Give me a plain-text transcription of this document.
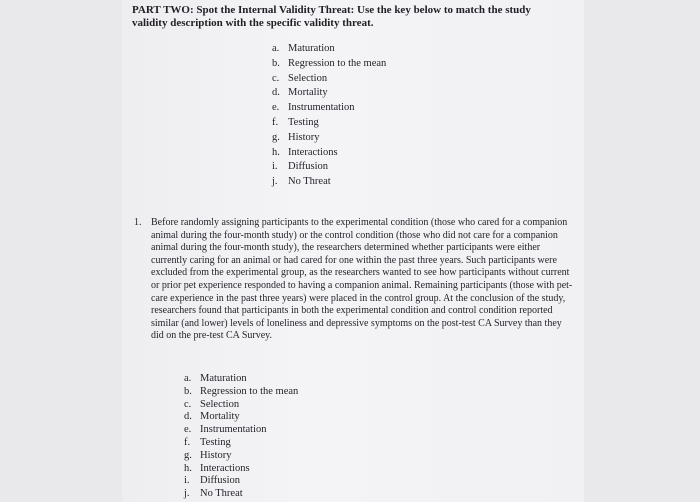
PART TWO: Spot the Internal Validity Threat: Use the key below to match the study validity description with the specific validity threat.
a. Maturation
b. Regression to the mean
c. Selection
d. Mortality
e. Instrumentation
f. Testing
g. History
h. Interactions
i. Diffusion
j. No Threat
1. Before randomly assigning participants to the experimental condition (those who cared for a companion animal during the four-month study) or the control condition (those who did not care for a companion animal during the four-month study), the researchers determined whether participants were either currently caring for an animal or had cared for one within the past three years. Such participants were excluded from the experimental group, as the researchers wanted to see how participants without current or prior pet experience responded to having a companion animal. Remaining participants (those with pet-care experience in the past three years) were placed in the control group. At the conclusion of the study, researchers found that participants in both the experimental condition and control condition reported similar (and lower) levels of loneliness and depressive symptoms on the post-test CA Survey than they did on the pre-test CA Survey.
a. Maturation
b. Regression to the mean
c. Selection
d. Mortality
e. Instrumentation
f. Testing
g. History
h. Interactions
i. Diffusion
j. No Threat
